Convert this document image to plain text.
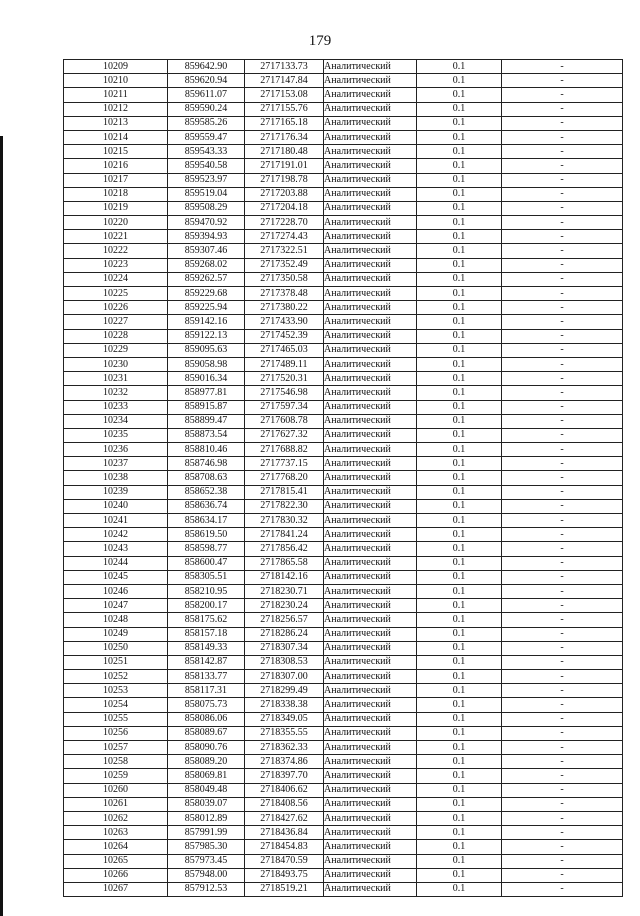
179
10209	859642.90	2717133.73	Аналитический	0.1	-
10210	859620.94	2717147.84	Аналитический	0.1	-
10211	859611.07	2717153.08	Аналитический	0.1	-
10212	859590.24	2717155.76	Аналитический	0.1	-
10213	859585.26	2717165.18	Аналитический	0.1	-
10214	859559.47	2717176.34	Аналитический	0.1	-
10215	859543.33	2717180.48	Аналитический	0.1	-
10216	859540.58	2717191.01	Аналитический	0.1	-
10217	859523.97	2717198.78	Аналитический	0.1	-
10218	859519.04	2717203.88	Аналитический	0.1	-
10219	859508.29	2717204.18	Аналитический	0.1	-
10220	859470.92	2717228.70	Аналитический	0.1	-
10221	859394.93	2717274.43	Аналитический	0.1	-
10222	859307.46	2717322.51	Аналитический	0.1	-
10223	859268.02	2717352.49	Аналитический	0.1	-
10224	859262.57	2717350.58	Аналитический	0.1	-
10225	859229.68	2717378.48	Аналитический	0.1	-
10226	859225.94	2717380.22	Аналитический	0.1	-
10227	859142.16	2717433.90	Аналитический	0.1	-
10228	859122.13	2717452.39	Аналитический	0.1	-
10229	859095.63	2717465.03	Аналитический	0.1	-
10230	859058.98	2717489.11	Аналитический	0.1	-
10231	859016.34	2717520.31	Аналитический	0.1	-
10232	858977.81	2717546.98	Аналитический	0.1	-
10233	858915.87	2717597.34	Аналитический	0.1	-
10234	858899.47	2717608.78	Аналитический	0.1	-
10235	858873.54	2717627.32	Аналитический	0.1	-
10236	858810.46	2717688.82	Аналитический	0.1	-
10237	858746.98	2717737.15	Аналитический	0.1	-
10238	858708.63	2717768.20	Аналитический	0.1	-
10239	858652.38	2717815.41	Аналитический	0.1	-
10240	858636.74	2717822.30	Аналитический	0.1	-
10241	858634.17	2717830.32	Аналитический	0.1	-
10242	858619.50	2717841.24	Аналитический	0.1	-
10243	858598.77	2717856.42	Аналитический	0.1	-
10244	858600.47	2717865.58	Аналитический	0.1	-
10245	858305.51	2718142.16	Аналитический	0.1	-
10246	858210.95	2718230.71	Аналитический	0.1	-
10247	858200.17	2718230.24	Аналитический	0.1	-
10248	858175.62	2718256.57	Аналитический	0.1	-
10249	858157.18	2718286.24	Аналитический	0.1	-
10250	858149.33	2718307.34	Аналитический	0.1	-
10251	858142.87	2718308.53	Аналитический	0.1	-
10252	858133.77	2718307.00	Аналитический	0.1	-
10253	858117.31	2718299.49	Аналитический	0.1	-
10254	858075.73	2718338.38	Аналитический	0.1	-
10255	858086.06	2718349.05	Аналитический	0.1	-
10256	858089.67	2718355.55	Аналитический	0.1	-
10257	858090.76	2718362.33	Аналитический	0.1	-
10258	858089.20	2718374.86	Аналитический	0.1	-
10259	858069.81	2718397.70	Аналитический	0.1	-
10260	858049.48	2718406.62	Аналитический	0.1	-
10261	858039.07	2718408.56	Аналитический	0.1	-
10262	858012.89	2718427.62	Аналитический	0.1	-
10263	857991.99	2718436.84	Аналитический	0.1	-
10264	857985.30	2718454.83	Аналитический	0.1	-
10265	857973.45	2718470.59	Аналитический	0.1	-
10266	857948.00	2718493.75	Аналитический	0.1	-
10267	857912.53	2718519.21	Аналитический	0.1	-
